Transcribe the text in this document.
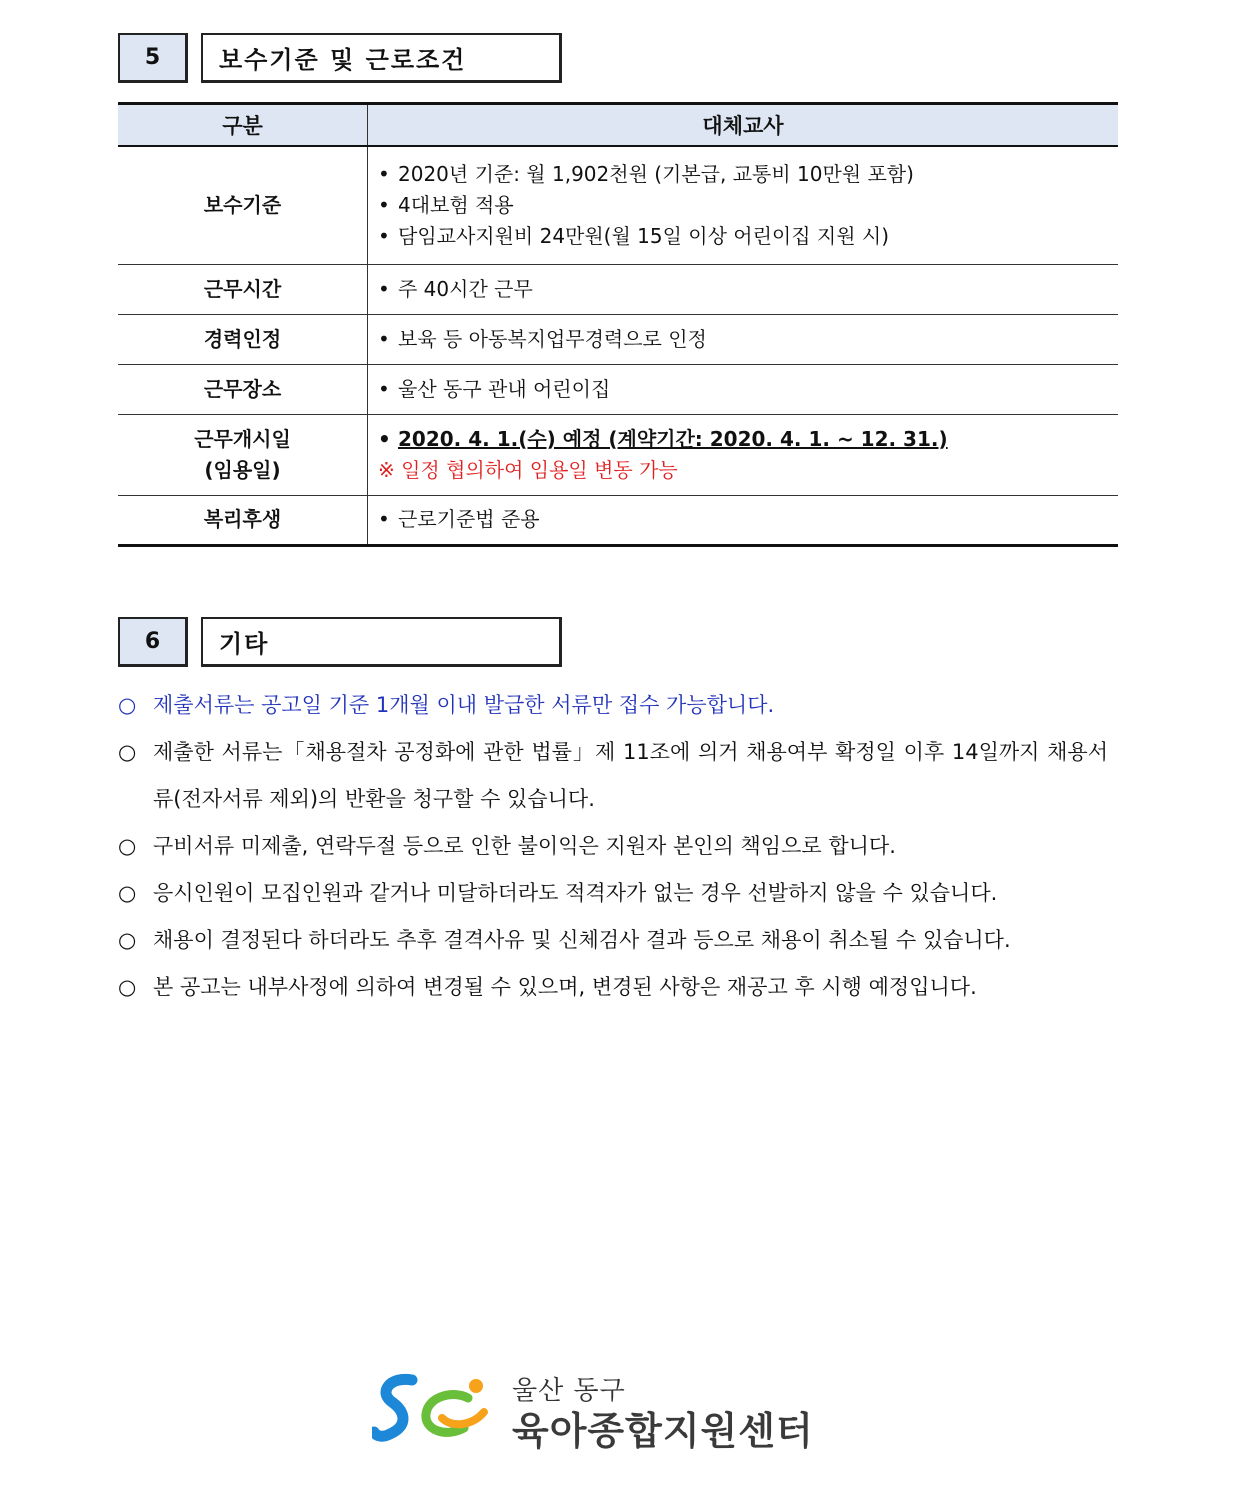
5	보수기준 및 근로조건
구분	대체교사
보수기준	• 2020년 기준: 월 1,902천원 (기본급, 교통비 10만원 포함)
• 4대보험 적용
• 담임교사지원비 24만원(월 15일 이상 어린이집 지원 시)

근무시간	• 주 40시간 근무

경력인정	• 보육 등 아동복지업무경력으로 인정

근무장소	• 울산 동구 관내 어린이집

근무개시일
(임용일)	• 2020. 4. 1.(수) 예정 (계약기간: 2020. 4. 1. ~ 12. 31.)
※ 일정 협의하여 임용일 변동 가능

복리후생	• 근로기준법 준용
6	기타
○ 제출서류는 공고일 기준 1개월 이내 발급한 서류만 접수 가능합니다.
○ 제출한 서류는「채용절차 공정화에 관한 법률」제 11조에 의거 채용여부 확정일 이후 14일까지 채용서류(전자서류 제외)의 반환을 청구할 수 있습니다.
○ 구비서류 미제출, 연락두절 등으로 인한 불이익은 지원자 본인의 책임으로 합니다.
○ 응시인원이 모집인원과 같거나 미달하더라도 적격자가 없는 경우 선발하지 않을 수 있습니다.
○ 채용이 결정된다 하더라도 추후 결격사유 및 신체검사 결과 등으로 채용이 취소될 수 있습니다.
○ 본 공고는 내부사정에 의하여 변경될 수 있으며, 변경된 사항은 재공고 후 시행 예정입니다.
울산 동구
육아종합지원센터
